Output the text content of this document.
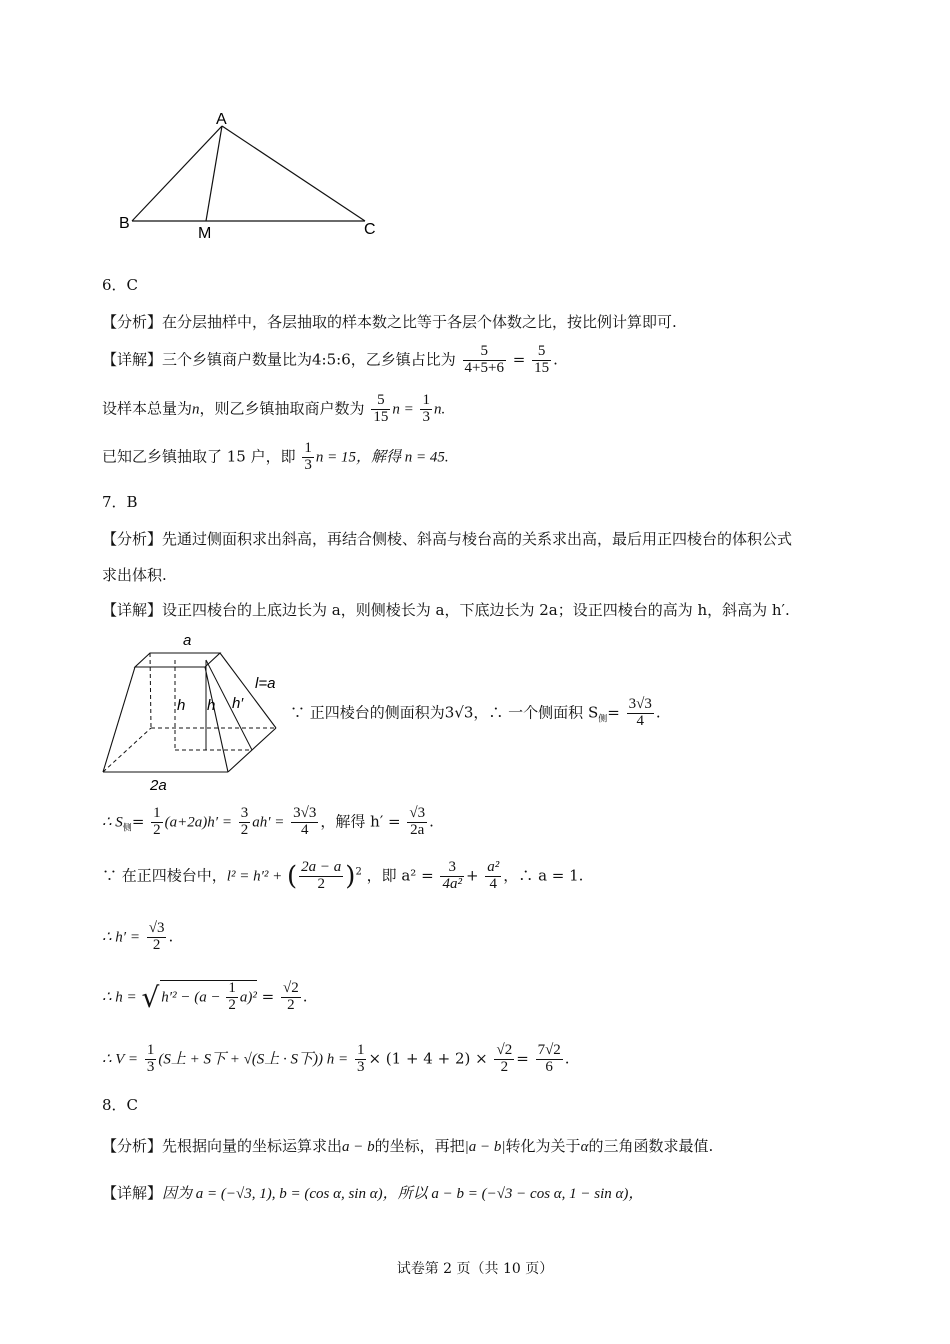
A
B
M	C
6．C
【分析】在分层抽样中，各层抽取的样本数之比等于各层个体数之比，按比例计算即可.
【详解】三个乡镇商户数量比为4:5:6，乙乡镇占比为 $\frac{5}{4+5+6} = \frac{5}{15}$ .
设样本总量为n，则乙乡镇抽取商户数为 $\frac{5}{15}$ $n = \frac{1}{3} n$.
已知乙乡镇抽取了 15 户，即 $\frac{1}{3}$ n = 15，解得 n = 45.
7．B
【分析】先通过侧面积求出斜高，再结合侧棱、斜高与棱台高的关系求出高，最后用正四棱台的体积公式
求出体积.
【详解】设正四棱台的上底边长为 a，则侧棱长为 a，下底边长为 2a；设正四棱台的高为 h，斜高为 h′.
a
l=a
h h h′
2a
∵ 正四棱台的侧面积为3√3，∴ 一个侧面积 $S_侧= \frac{3√3}{4}$ .
∴ $S_侧= \frac{1}{2} (a+2a)h' = \frac{3}{2} ah' = \frac{3√3}{4}$ ，解得 $h' = \frac{√3}{2a}$ .
∵ 在正四棱台中，l² = h′² + ( $\frac{2a - a}{2} )^2$ ，即 $a^2 = \frac{3}{\text{4a²}} + \frac{\text{a²}}{4}$ ，∴ a = 1.
∴ $h' = \frac{√3}{2}$ .
∴ h = √ $h'^2 - (a - \frac{1}{2} a)^2 = \frac{√2}{2}$ .
∴ $V = \frac{1}{3} (S$上 + S下 + √(S上 · S下)) $h = \frac{1}{3} \times (1 + 4 + 2) \times \frac{√2}{2} = \frac{7√2}{6}$ .
8．C
【分析】先根据向量的坐标运算求出a − b的坐标，再把|a − b|转化为关于α的三角函数求最值.
【详解】因为 a = (−√3, 1), b = (cos α, sin α)，所以 a − b = (−√3 − cos α, 1 − sin α)，
试卷第 2 页（共 10 页）
